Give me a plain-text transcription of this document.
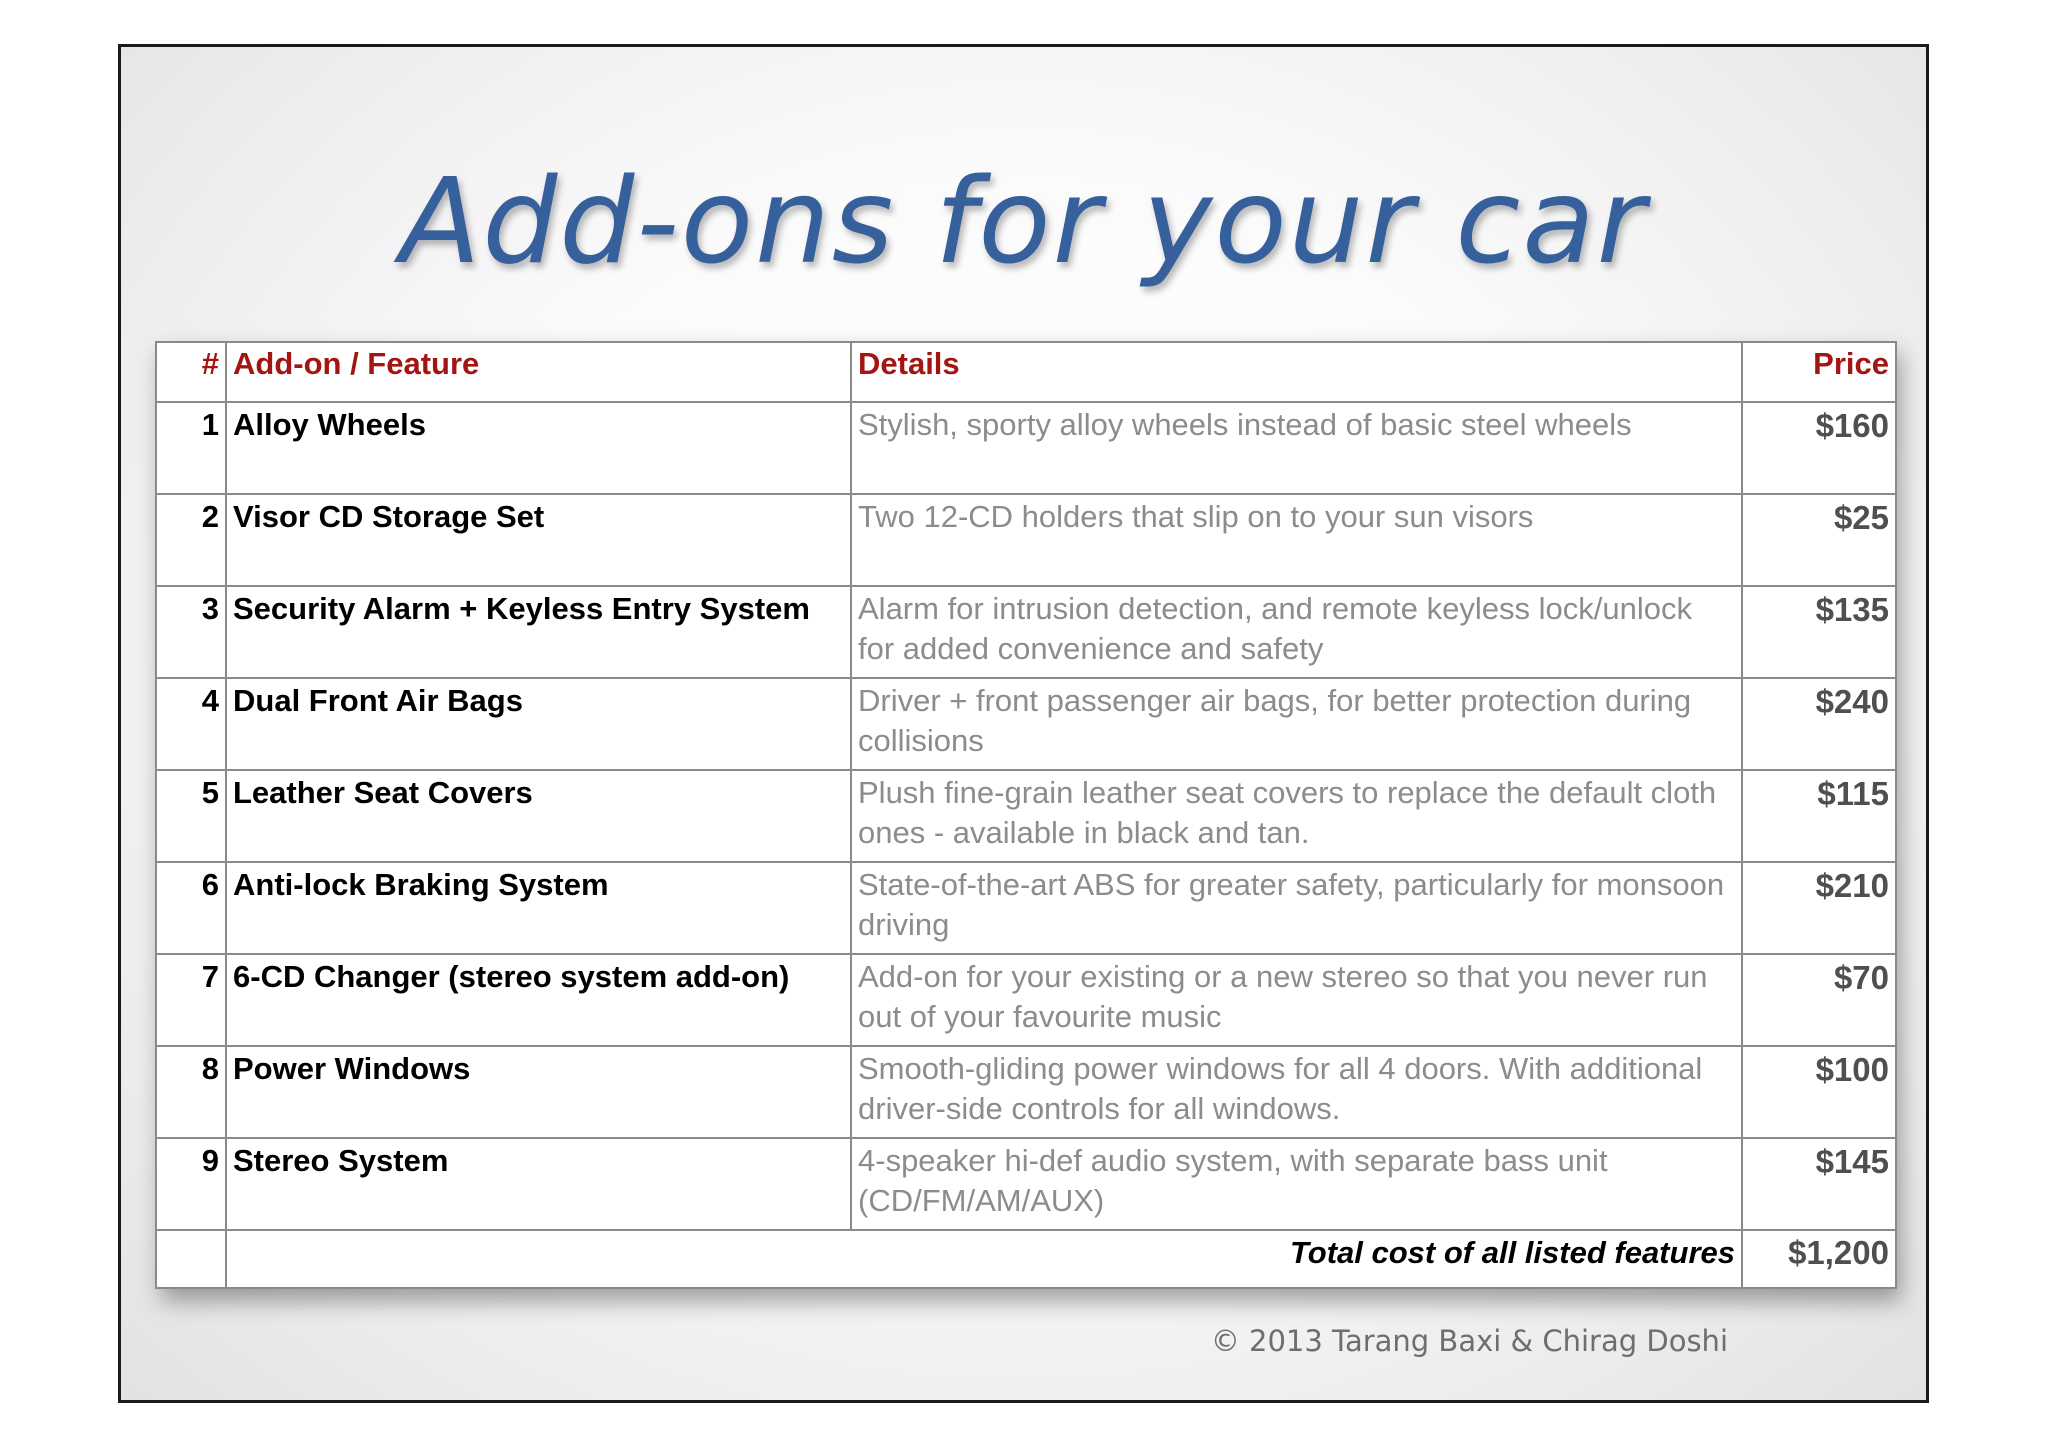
Add-ons for your car
#	Add-on / Feature	Details	Price
1	Alloy Wheels	Stylish, sporty alloy wheels instead of basic steel wheels	$160
2	Visor CD Storage Set	Two 12-CD holders that slip on to your sun visors	$25
3	Security Alarm + Keyless Entry System	Alarm for intrusion detection, and remote keyless lock/unlock for added convenience and safety	$135
4	Dual Front Air Bags	Driver + front passenger air bags, for better protection during collisions	$240
5	Leather Seat Covers	Plush fine-grain leather seat covers to replace the default cloth ones - available in black and tan.	$115
6	Anti-lock Braking System	State-of-the-art ABS for greater safety, particularly for monsoon driving	$210
7	6-CD Changer (stereo system add-on)	Add-on for your existing or a new stereo so that you never run out of your favourite music	$70
8	Power Windows	Smooth-gliding power windows for all 4 doors. With additional driver-side controls for all windows.	$100
9	Stereo System	4-speaker hi-def audio system, with separate bass unit (CD/FM/AM/AUX)	$145
	Total cost of all listed features		$1,200
© 2013 Tarang Baxi & Chirag Doshi
